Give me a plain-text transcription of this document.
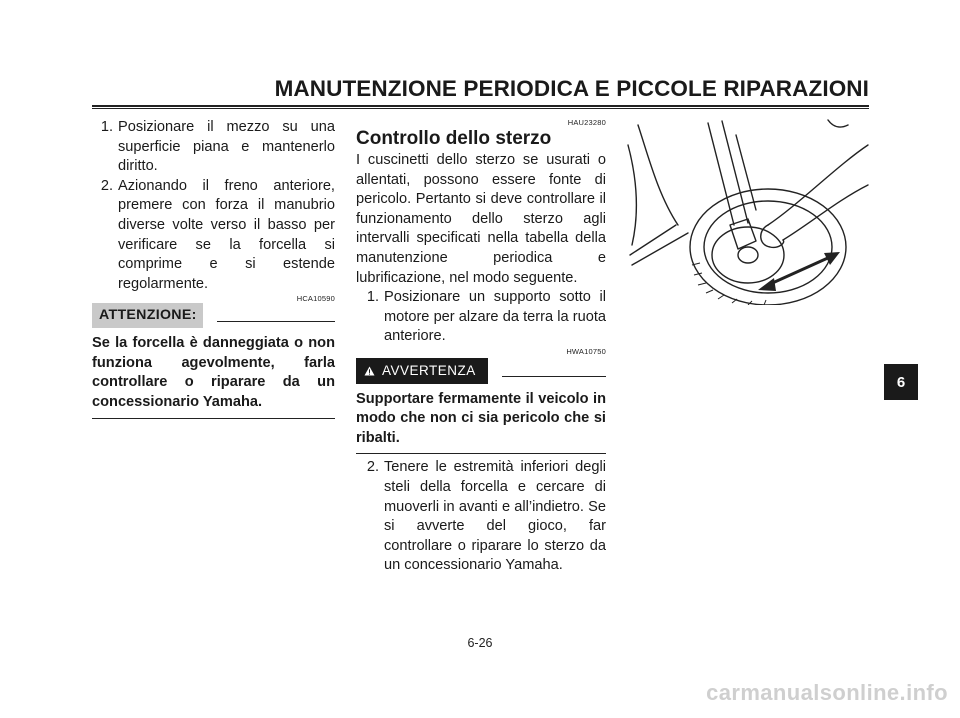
MANUTENZIONE PERIODICA E PICCOLE RIPARAZIONI
1. Posizionare il mezzo su una superficie piana e mantenerlo diritto.
2. Azionando il freno anteriore, premere con forza il manubrio diverse volte verso il basso per verificare se la forcella si comprime e si estende regolarmente.
HCA10590
ATTENZIONE:
Se la forcella è danneggiata o non funziona agevolmente, farla controllare o riparare da un concessionario Yamaha.
HAU23280
Controllo dello sterzo
I cuscinetti dello sterzo se usurati o allentati, possono essere fonte di pericolo. Pertanto si deve controllare il funzionamento dello sterzo agli intervalli specificati nella tabella della manutenzione periodica e lubrificazione, nel modo seguente.
1. Posizionare un supporto sotto il motore per alzare da terra la ruota anteriore.
HWA10750
AVVERTENZA
Supportare fermamente il veicolo in modo che non ci sia pericolo che si ribalti.
2. Tenere le estremità inferiori degli steli della forcella e cercare di muoverli in avanti e all’indietro. Se si avverte del gioco, far controllare o riparare lo sterzo da un concessionario Yamaha.
6
6-26
carmanualsonline.info
